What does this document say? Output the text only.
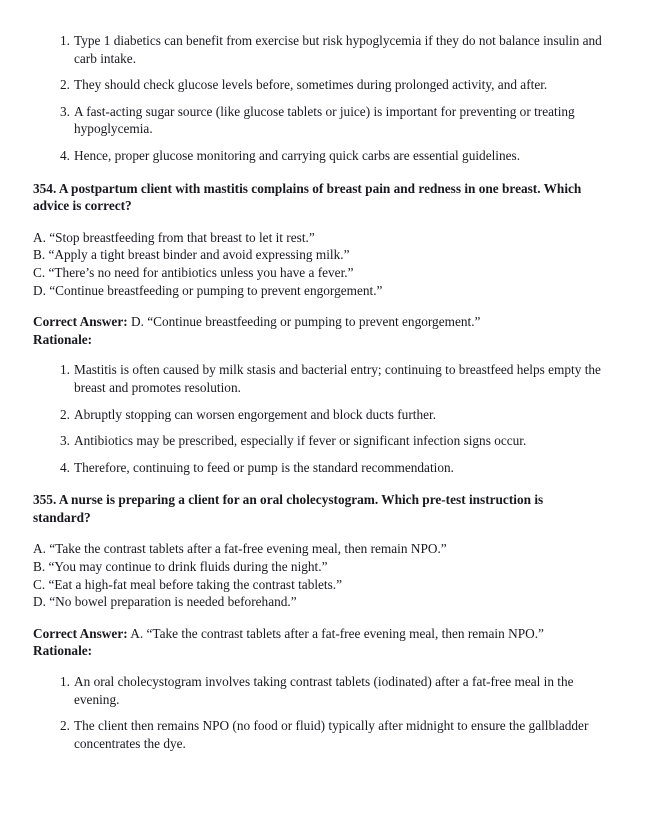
1. Type 1 diabetics can benefit from exercise but risk hypoglycemia if they do not balance insulin and carb intake.
2. They should check glucose levels before, sometimes during prolonged activity, and after.
3. A fast-acting sugar source (like glucose tablets or juice) is important for preventing or treating hypoglycemia.
4. Hence, proper glucose monitoring and carrying quick carbs are essential guidelines.
354. A postpartum client with mastitis complains of breast pain and redness in one breast. Which advice is correct?
A. “Stop breastfeeding from that breast to let it rest.”
B. “Apply a tight breast binder and avoid expressing milk.”
C. “There’s no need for antibiotics unless you have a fever.”
D. “Continue breastfeeding or pumping to prevent engorgement.”
Correct Answer: D. “Continue breastfeeding or pumping to prevent engorgement.”
Rationale:
1. Mastitis is often caused by milk stasis and bacterial entry; continuing to breastfeed helps empty the breast and promotes resolution.
2. Abruptly stopping can worsen engorgement and block ducts further.
3. Antibiotics may be prescribed, especially if fever or significant infection signs occur.
4. Therefore, continuing to feed or pump is the standard recommendation.
355. A nurse is preparing a client for an oral cholecystogram. Which pre-test instruction is standard?
A. “Take the contrast tablets after a fat-free evening meal, then remain NPO.”
B. “You may continue to drink fluids during the night.”
C. “Eat a high-fat meal before taking the contrast tablets.”
D. “No bowel preparation is needed beforehand.”
Correct Answer: A. “Take the contrast tablets after a fat-free evening meal, then remain NPO.”
Rationale:
1. An oral cholecystogram involves taking contrast tablets (iodinated) after a fat-free meal in the evening.
2. The client then remains NPO (no food or fluid) typically after midnight to ensure the gallbladder concentrates the dye.
